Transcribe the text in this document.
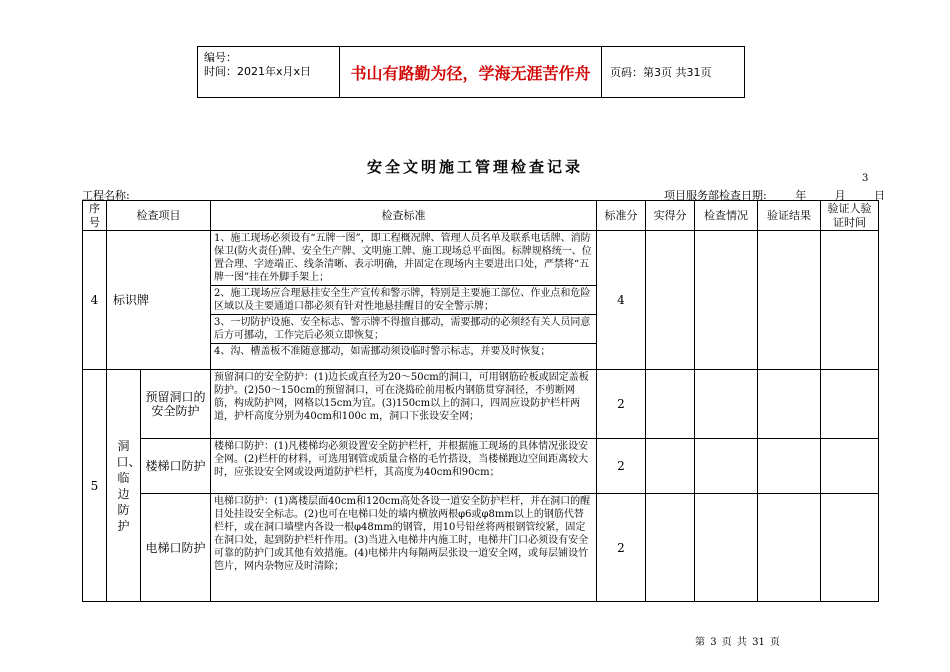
编号：
时间：2021年x月x日	书山有路勤为径，学海无涯苦作舟	页码：第3页 共31页
安全文明施工管理检查记录
3
工程名称:	项目服务部检查日期:   年   月   日
序号	检查项目		检查标准	标准分	实得分	检查情况	验证结果	验证人验证时间
4	标识牌		1、施工现场必须设有“五牌一图”，即工程概况牌、管理人员名单及联系电话牌、消防保卫(防火责任)牌、安全生产牌、文明施工牌、施工现场总平面图。标牌规格统一、位置合理、字迹端正、线条清晰、表示明确，并固定在现场内主要进出口处，严禁将“五牌一图”挂在外脚手架上；	4				
			2、施工现场应合理悬挂安全生产宣传和警示牌，特别是主要施工部位、作业点和危险区域以及主要通道口都必须有针对性地悬挂醒目的安全警示牌；					
			3、一切防护设施、安全标志、警示牌不得擅自挪动，需要挪动的必须经有关人员同意后方可挪动，工作完后必须立即恢复；					
			4、沟、槽盖板不准随意挪动，如需挪动须设临时警示标志，并要及时恢复；					
5	洞口、临边防护	预留洞口的安全防护	预留洞口的安全防护：(1)边长或直径为20～50cm的洞口，可用钢筋砼板或固定盖板防护。(2)50～150cm的预留洞口，可在浇捣砼前用板内钢筋贯穿洞径，不剪断网筋，构成防护网，网格以15cm为宜。(3)150cm以上的洞口，四周应设防护栏杆两道，护杆高度分别为40cm和100c m，洞口下张设安全网；	2				
		楼梯口防护	楼梯口防护：(1)凡楼梯均必须设置安全防护栏杆，并根据施工现场的具体情况张设安全网。(2)栏杆的材料，可选用钢管或质量合格的毛竹搭设，当楼梯跑边空间距离较大时，应张设安全网或设两道防护栏杆，其高度为40cm和90cm；	2				
		电梯口防护	电梯口防护：(1)离楼层面40cm和120cm高处各设一道安全防护栏杆，并在洞口的醒目处挂设安全标志。(2)也可在电梯口处的墙内横放两根φ6或φ8mm以上的钢筋代替栏杆，或在洞口墙壁内各设一根φ48mm的钢管，用10号铅丝将两根钢管绞紧，固定在洞口处，起到防护栏杆作用。(3)当进入电梯井内施工时，电梯井门口必须设有安全可靠的防护门或其他有效措施。(4)电梯井内每隔两层张设一道安全网，或每层铺设竹笆片，网内杂物应及时清除；	2				
第 3 页 共 31 页
